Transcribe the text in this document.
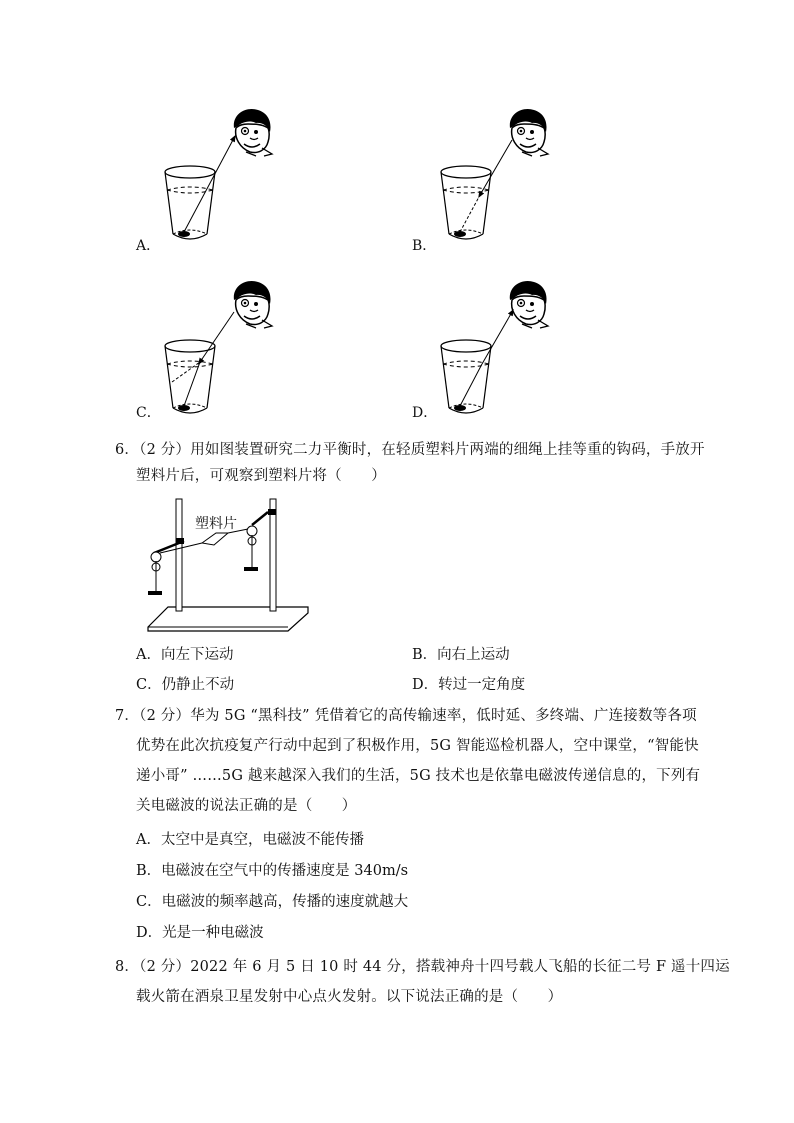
A．	B．
C．	D．
6．（2 分）用如图装置研究二力平衡时，在轻质塑料片两端的细绳上挂等重的钩码，手放开
塑料片后，可观察到塑料片将（　　）
塑料片
A．向左下运动	B．向右上运动
C．仍静止不动	D．转过一定角度
7．（2 分）华为 5G “黑科技” 凭借着它的高传输速率，低时延、多终端、广连接数等各项
优势在此次抗疫复产行动中起到了积极作用，5G 智能巡检机器人，空中课堂，“智能快
递小哥” ……5G 越来越深入我们的生活，5G 技术也是依靠电磁波传递信息的，下列有
关电磁波的说法正确的是（　　）
A．太空中是真空，电磁波不能传播
B．电磁波在空气中的传播速度是 340m/s
C．电磁波的频率越高，传播的速度就越大
D．光是一种电磁波
8．（2 分）2022 年 6 月 5 日 10 时 44 分，搭载神舟十四号载人飞船的长征二号 F 遥十四运
载火箭在酒泉卫星发射中心点火发射。以下说法正确的是（　　）
